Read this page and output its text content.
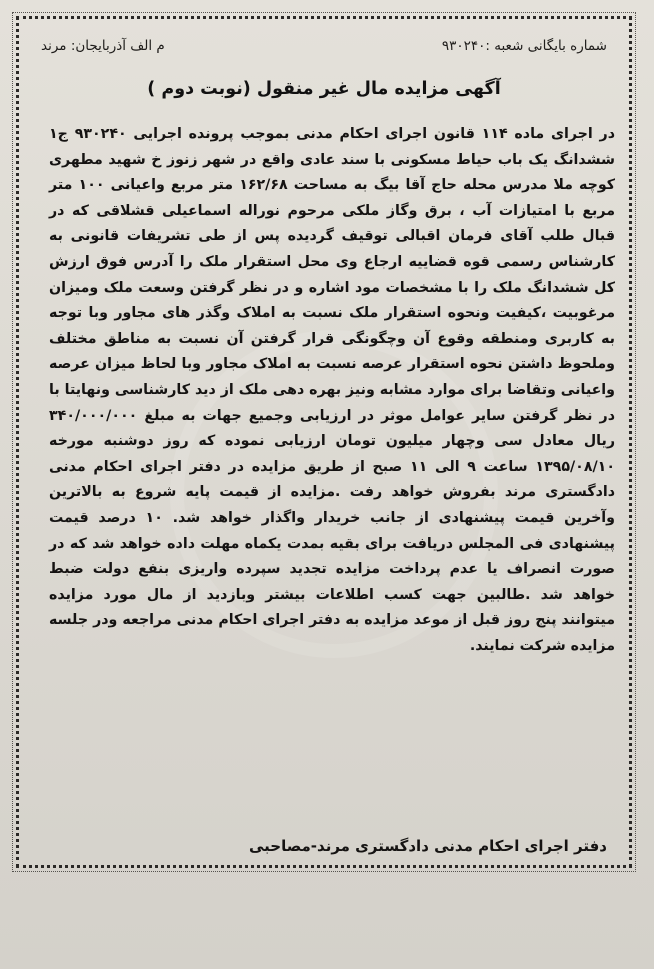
شماره بایگانی شعبه :۹۳۰۲۴۰
م الف آذربایجان: مرند
آگهی مزایده مال غیر منقول (نوبت دوم )
در اجرای ماده ۱۱۴ قانون اجرای احکام مدنی بموجب پرونده اجرایی ۹۳۰۲۴۰ ج۱ ششدانگ یک باب حیاط مسکونی با سند عادی واقع در شهر زنوز خ شهید مطهری کوچه ملا مدرس محله حاج آقا بیگ به مساحت ۱۶۲/۶۸ متر مربع واعیانی ۱۰۰ متر مربع با امتیازات آب ، برق وگاز ملکی مرحوم نوراله اسماعیلی قشلاقی که در قبال طلب آقای فرمان اقبالی توقیف گردیده پس از طی تشریفات قانونی به کارشناس رسمی قوه قضاییه ارجاع وی محل استقرار ملک را آدرس فوق ارزش کل ششدانگ ملک را با مشخصات مود اشاره و در نظر گرفتن وسعت ملک ومیزان مرغوبیت ،کیفیت ونحوه استقرار ملک نسبت به املاک وگذر های مجاور وبا توجه به کاربری ومنطقه وقوع آن وچگونگی قرار گرفتن آن نسبت به مناطق مختلف وملحوظ داشتن نحوه استقرار عرصه نسبت به املاک مجاور وبا لحاظ میزان عرصه واعیانی وتقاضا برای موارد مشابه ونیز بهره دهی ملک از دید کارشناسی ونهایتا با در نظر گرفتن سایر عوامل موثر در ارزیابی وجمیع جهات به مبلغ ۳۴۰/۰۰۰/۰۰۰ ریال معادل سی وچهار میلیون تومان ارزیابی نموده که روز دوشنبه مورخه ۱۳۹۵/۰۸/۱۰ ساعت ۹ الی ۱۱ صبح از طریق مزایده در دفتر اجرای احکام مدنی دادگستری مرند بفروش خواهد رفت .مزایده از قیمت پایه شروع به بالاترین وآخرین قیمت پیشنهادی از جانب خریدار واگذار خواهد شد. ۱۰ درصد قیمت پیشنهادی فی المجلس دریافت برای بقیه بمدت یکماه مهلت داده خواهد شد که در صورت انصراف یا عدم پرداخت مزایده تجدید سپرده واریزی بنفع دولت ضبط خواهد شد .طالبین جهت کسب اطلاعات بیشتر وبازدید از مال مورد مزایده میتوانند پنج روز قبل از موعد مزایده به دفتر اجرای احکام مدنی مراجعه ودر جلسه مزایده شرکت نمایند.
دفتر اجرای احکام مدنی دادگستری مرند-مصاحبی
